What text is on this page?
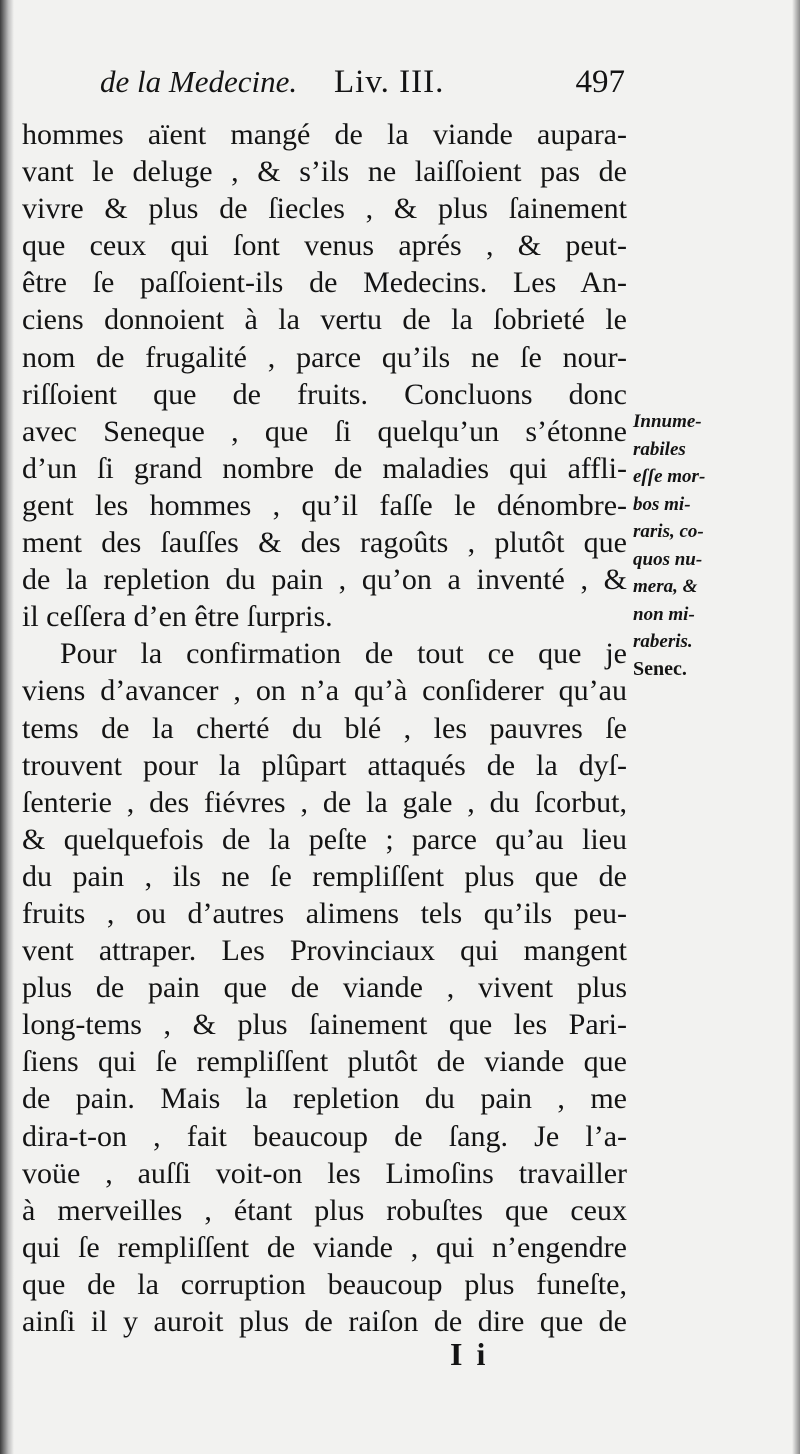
de la Medecine. Liv. III.	497
hommes aïent mangé de la viande aupara-
vant le deluge , & s’ils ne laiſſoient pas de
vivre & plus de ſiecles , & plus ſainement
que ceux qui ſont venus aprés , & peut-
être ſe paſſoient-ils de Medecins. Les An-
ciens donnoient à la vertu de la ſobrieté le
nom de frugalité , parce qu’ils ne ſe nour-
riſſoient que de fruits. Concluons donc
avec Seneque , que ſi quelqu’un s’étonne
d’un ſi grand nombre de maladies qui affli-
gent les hommes , qu’il faſſe le dénombre-
ment des ſauſſes & des ragoûts , plutôt que
de la repletion du pain , qu’on a inventé , &
il ceſſera d’en être ſurpris.
Pour la confirmation de tout ce que je
viens d’avancer , on n’a qu’à conſiderer qu’au
tems de la cherté du blé , les pauvres ſe
trouvent pour la plûpart attaqués de la dyſ-
ſenterie , des fiévres , de la gale , du ſcorbut,
& quelquefois de la peſte ; parce qu’au lieu
du pain , ils ne ſe rempliſſent plus que de
fruits , ou d’autres alimens tels qu’ils peu-
vent attraper. Les Provinciaux qui mangent
plus de pain que de viande , vivent plus
long-tems , & plus ſainement que les Pari-
ſiens qui ſe rempliſſent plutôt de viande que
de pain. Mais la repletion du pain , me
dira-t-on , fait beaucoup de ſang. Je l’a-
voüe , auſſi voit-on les Limoſins travailler
à merveilles , étant plus robuſtes que ceux
qui ſe rempliſſent de viande , qui n’engendre
que de la corruption beaucoup plus funeſte,
ainſi il y auroit plus de raiſon de dire que de
Innume-
rabiles
eſſe mor-
bos mi-
raris, co-
quos nu-
mera, &
non mi-
raberis.
Senec.
I i
